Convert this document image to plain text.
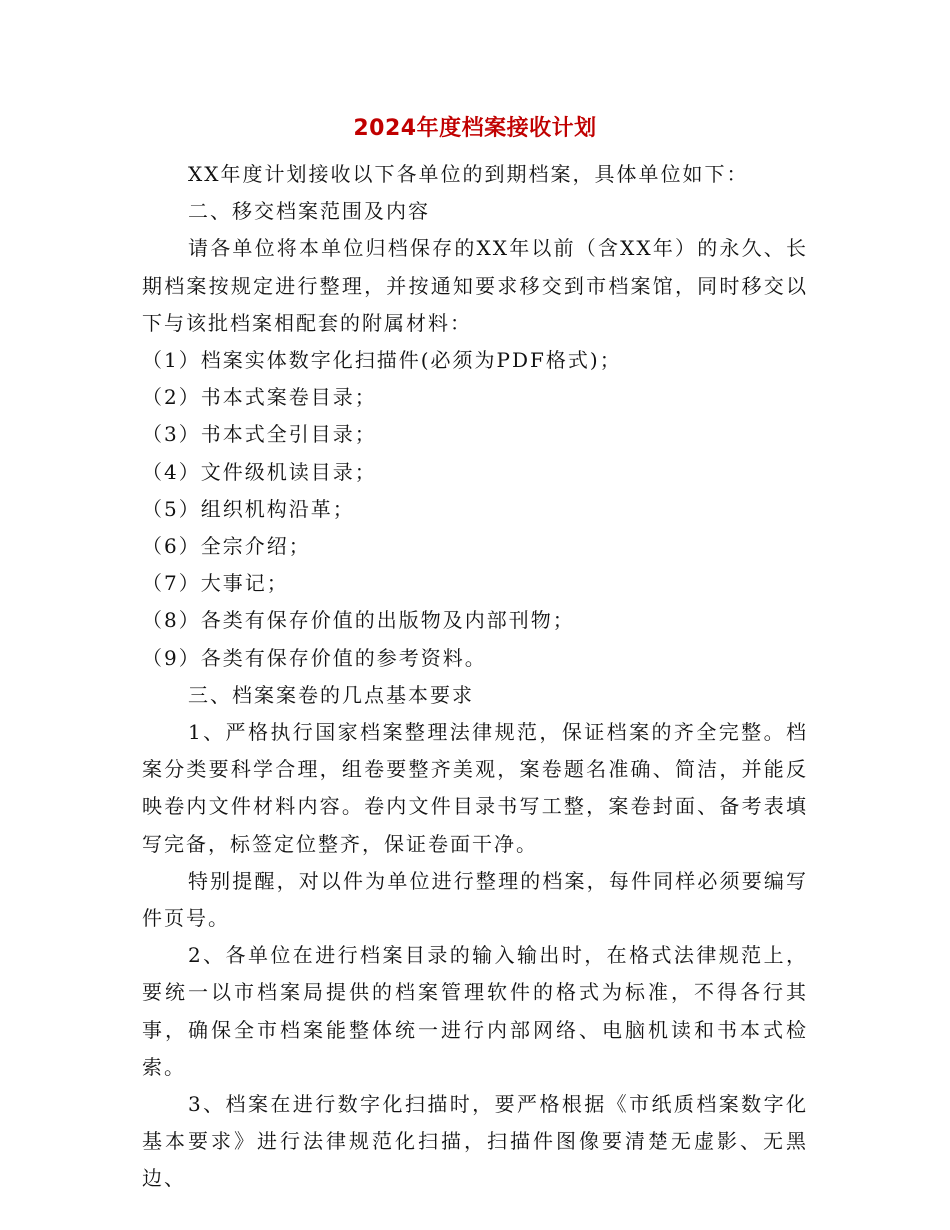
2024年度档案接收计划

XX年度计划接收以下各单位的到期档案，具体单位如下：

二、移交档案范围及内容

请各单位将本单位归档保存的XX年以前（含XX年）的永久、长期档案按规定进行整理，并按通知要求移交到市档案馆，同时移交以下与该批档案相配套的附属材料：

（1）档案实体数字化扫描件(必须为PDF格式)；

（2）书本式案卷目录；

（3）书本式全引目录；

（4）文件级机读目录；

（5）组织机构沿革；

（6）全宗介绍；

（7）大事记；

（8）各类有保存价值的出版物及内部刊物；

（9）各类有保存价值的参考资料。

三、档案案卷的几点基本要求

1、严格执行国家档案整理法律规范，保证档案的齐全完整。档案分类要科学合理，组卷要整齐美观，案卷题名准确、简洁，并能反映卷内文件材料内容。卷内文件目录书写工整，案卷封面、备考表填写完备，标签定位整齐，保证卷面干净。

特别提醒，对以件为单位进行整理的档案，每件同样必须要编写件页号。

2、各单位在进行档案目录的输入输出时，在格式法律规范上，要统一以市档案局提供的档案管理软件的格式为标准，不得各行其事，确保全市档案能整体统一进行内部网络、电脑机读和书本式检索。

3、档案在进行数字化扫描时，要严格根据《市纸质档案数字化基本要求》进行法律规范化扫描，扫描件图像要清楚无虚影、无黑边、
